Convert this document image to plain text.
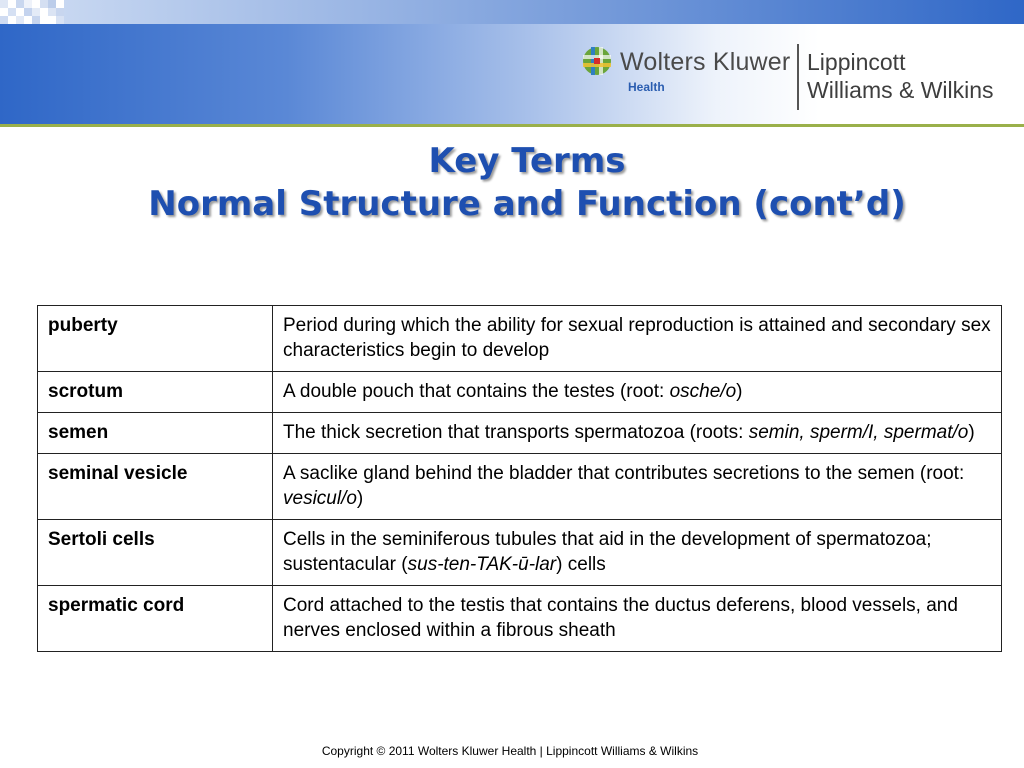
Wolters Kluwer
Health
Lippincott
Williams & Wilkins
Key Terms
Normal Structure and Function (cont’d)
puberty	Period during which the ability for sexual reproduction is attained and secondary sex characteristics begin to develop
scrotum	A double pouch that contains the testes (root: osche/o)
semen	The thick secretion that transports spermatozoa (roots: semin, sperm/I, spermat/o)
seminal vesicle	A saclike gland behind the bladder that contributes secretions to the semen (root: vesicul/o)
Sertoli cells	Cells in the seminiferous tubules that aid in the development of spermatozoa; sustentacular (sus-ten-TAK-ū-lar) cells
spermatic cord	Cord attached to the testis that contains the ductus deferens, blood vessels, and nerves enclosed within a fibrous sheath
Copyright © 2011 Wolters Kluwer Health | Lippincott Williams & Wilkins
